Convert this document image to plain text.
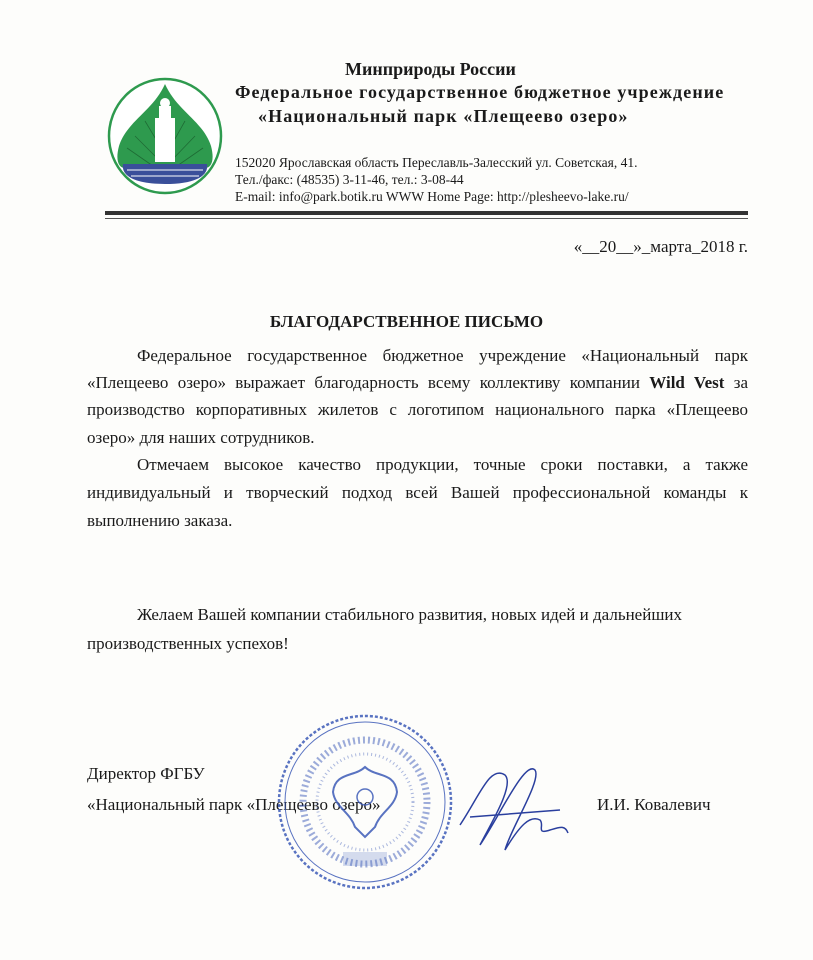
Минприроды России
Федеральное государственное бюджетное учреждение
«Национальный парк «Плещеево озеро»
152020 Ярославская область Переславль-Залесский ул. Советская, 41.
Тел./факс: (48535) 3-11-46, тел.: 3-08-44
E-mail: info@park.botik.ru WWW Home Page: http://plesheevo-lake.ru/
«__20__»_марта_2018 г.
БЛАГОДАРСТВЕННОЕ ПИСЬМО
Федеральное государственное бюджетное учреждение «Национальный парк
«Плещеево озеро» выражает благодарность всему коллективу компании Wild Vest за
производство корпоративных жилетов с логотипом национального парка «Плещеево
озеро» для наших сотрудников.
Отмечаем высокое качество продукции, точные сроки поставки, а также
индивидуальный и творческий подход всей Вашей профессиональной команды к
выполнению заказа.
Желаем Вашей компании стабильного развития, новых идей и дальнейших
производственных успехов!
Директор ФГБУ
«Национальный парк «Плещеево озеро»	И.И. Ковалевич
